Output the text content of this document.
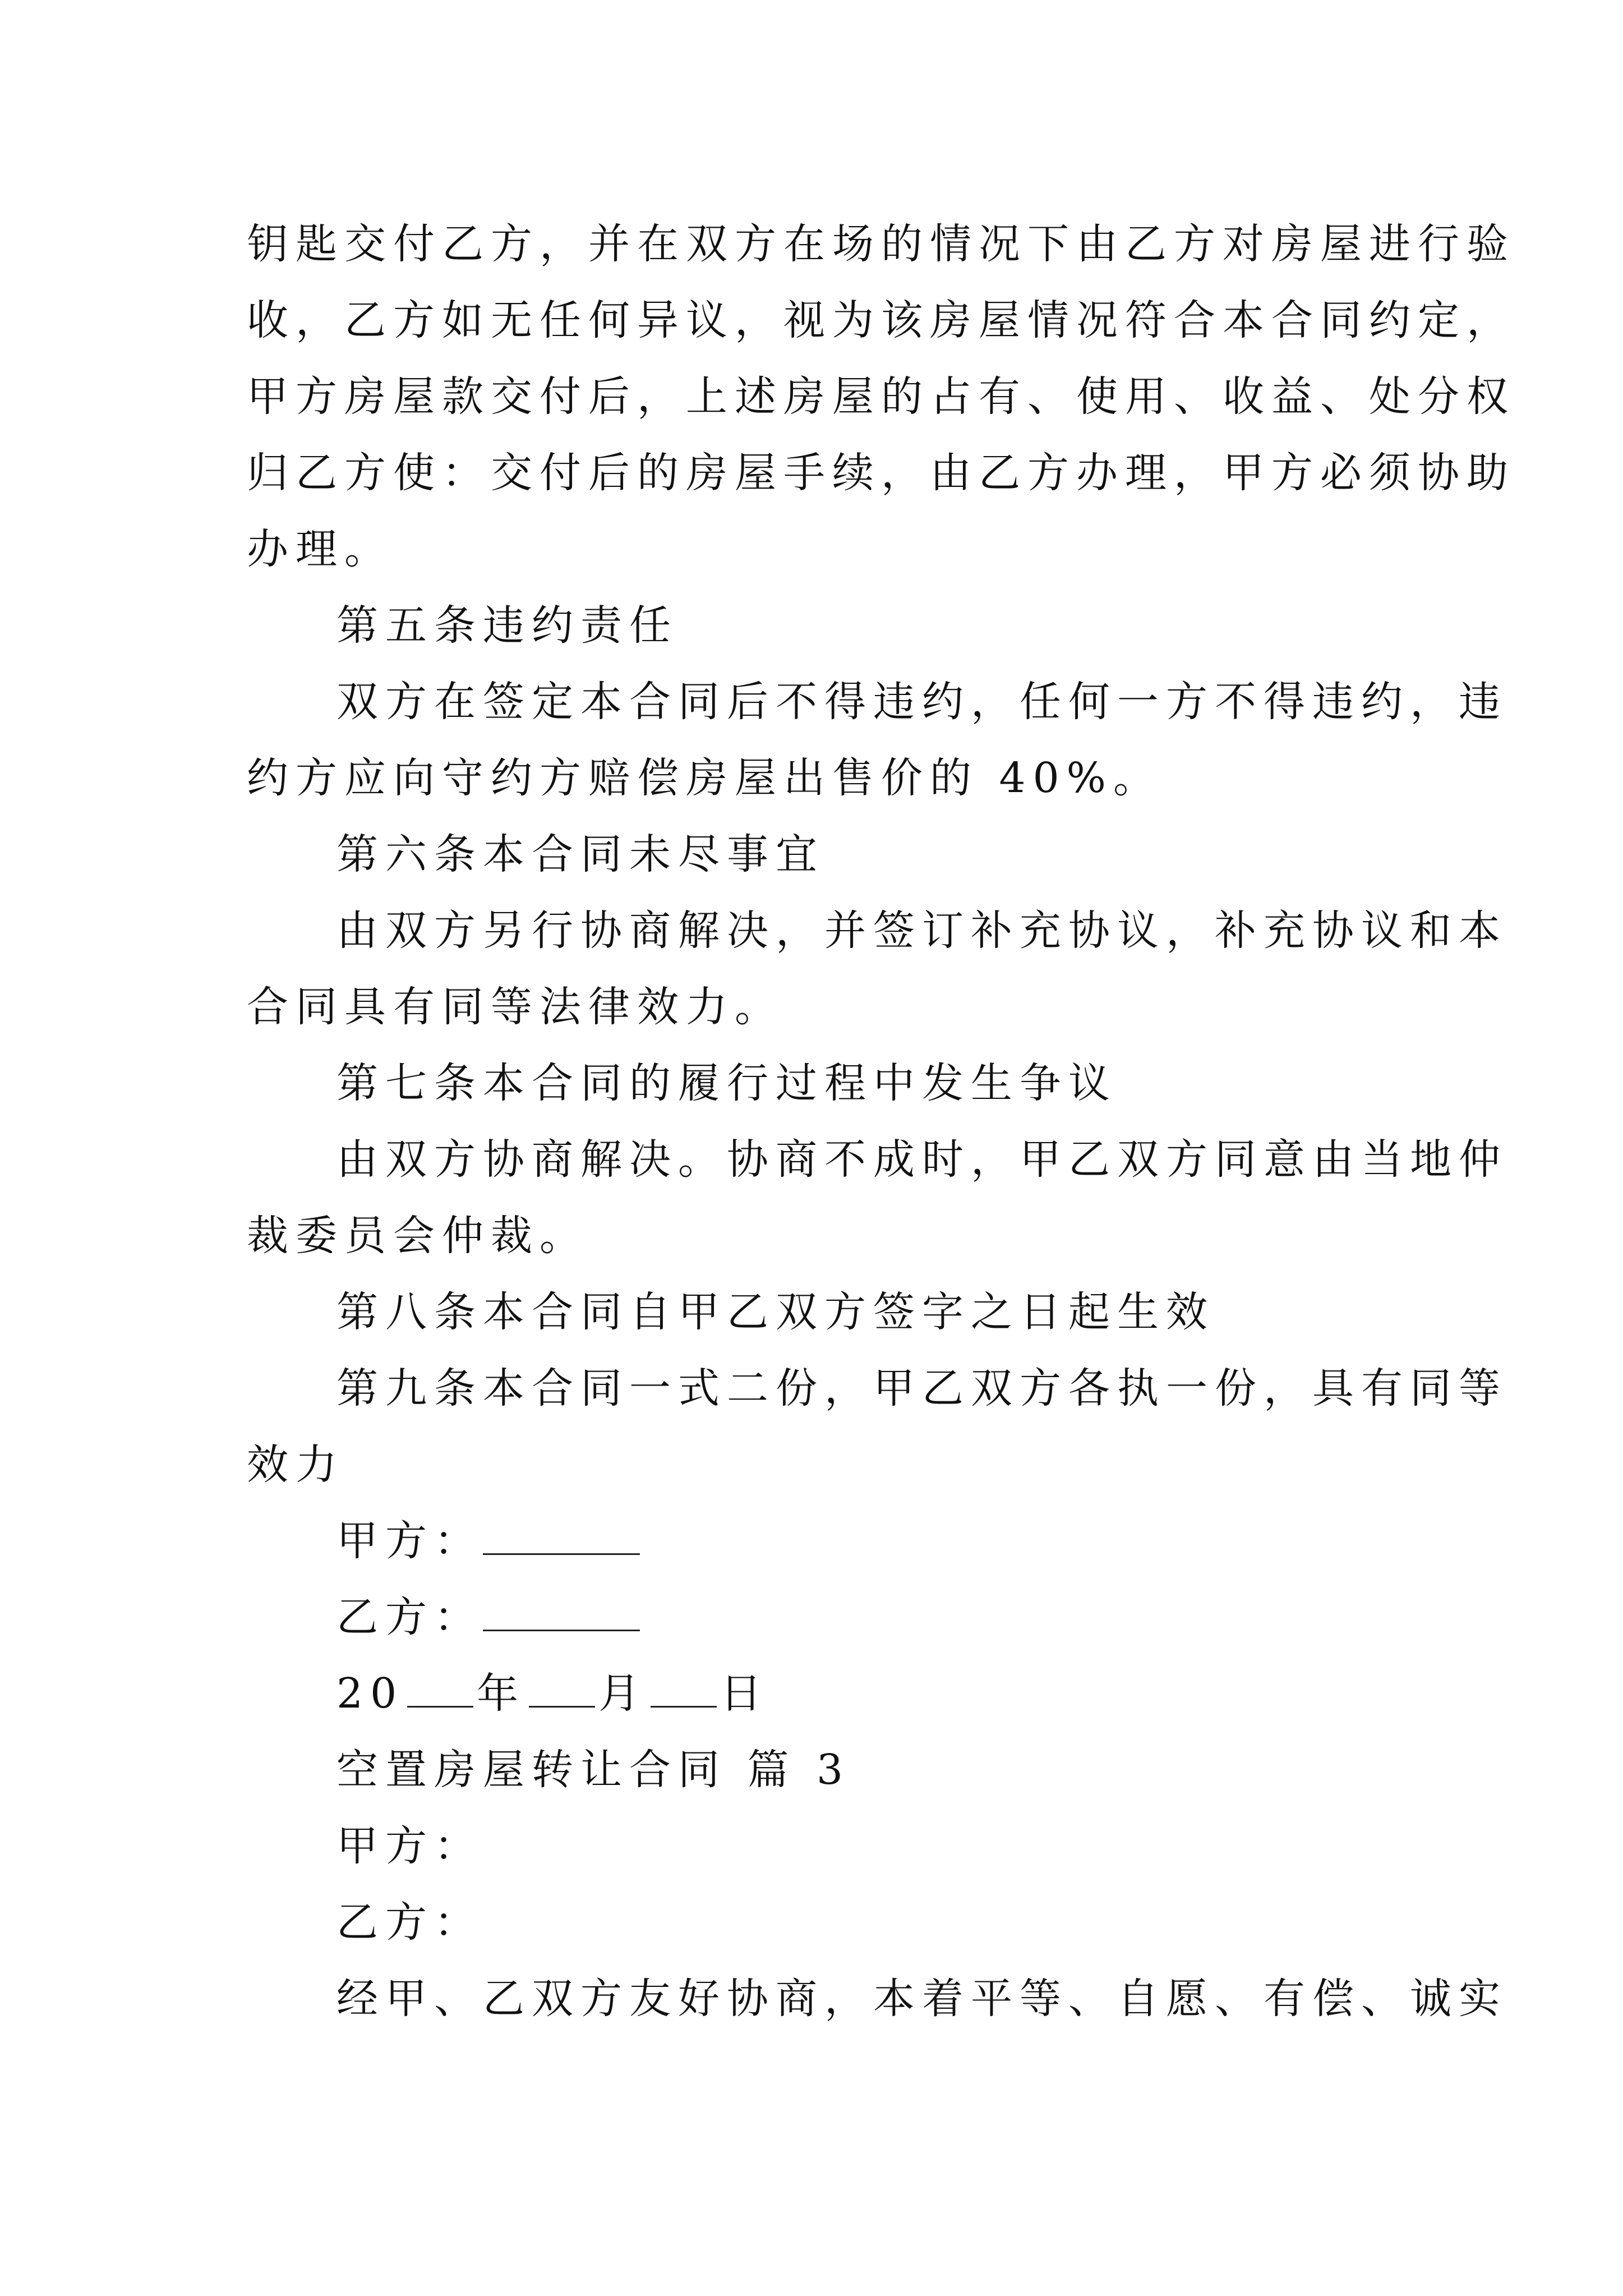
钥匙交付乙方，并在双方在场的情况下由乙方对房屋进行验
收，乙方如无任何异议，视为该房屋情况符合本合同约定，
甲方房屋款交付后，上述房屋的占有、使用、收益、处分权
归乙方使：交付后的房屋手续，由乙方办理，甲方必须协助
办理。
第五条违约责任
双方在签定本合同后不得违约，任何一方不得违约，违
约方应向守约方赔偿房屋出售价的 40%。
第六条本合同未尽事宜
由双方另行协商解决，并签订补充协议，补充协议和本
合同具有同等法律效力。
第七条本合同的履行过程中发生争议
由双方协商解决。协商不成时，甲乙双方同意由当地仲
裁委员会仲裁。
第八条本合同自甲乙双方签字之日起生效
第九条本合同一式二份，甲乙双方各执一份，具有同等
效力
甲方：
乙方：
20 年 月 日
空置房屋转让合同 篇 3
甲方：
乙方：
经甲、乙双方友好协商，本着平等、自愿、有偿、诚实
